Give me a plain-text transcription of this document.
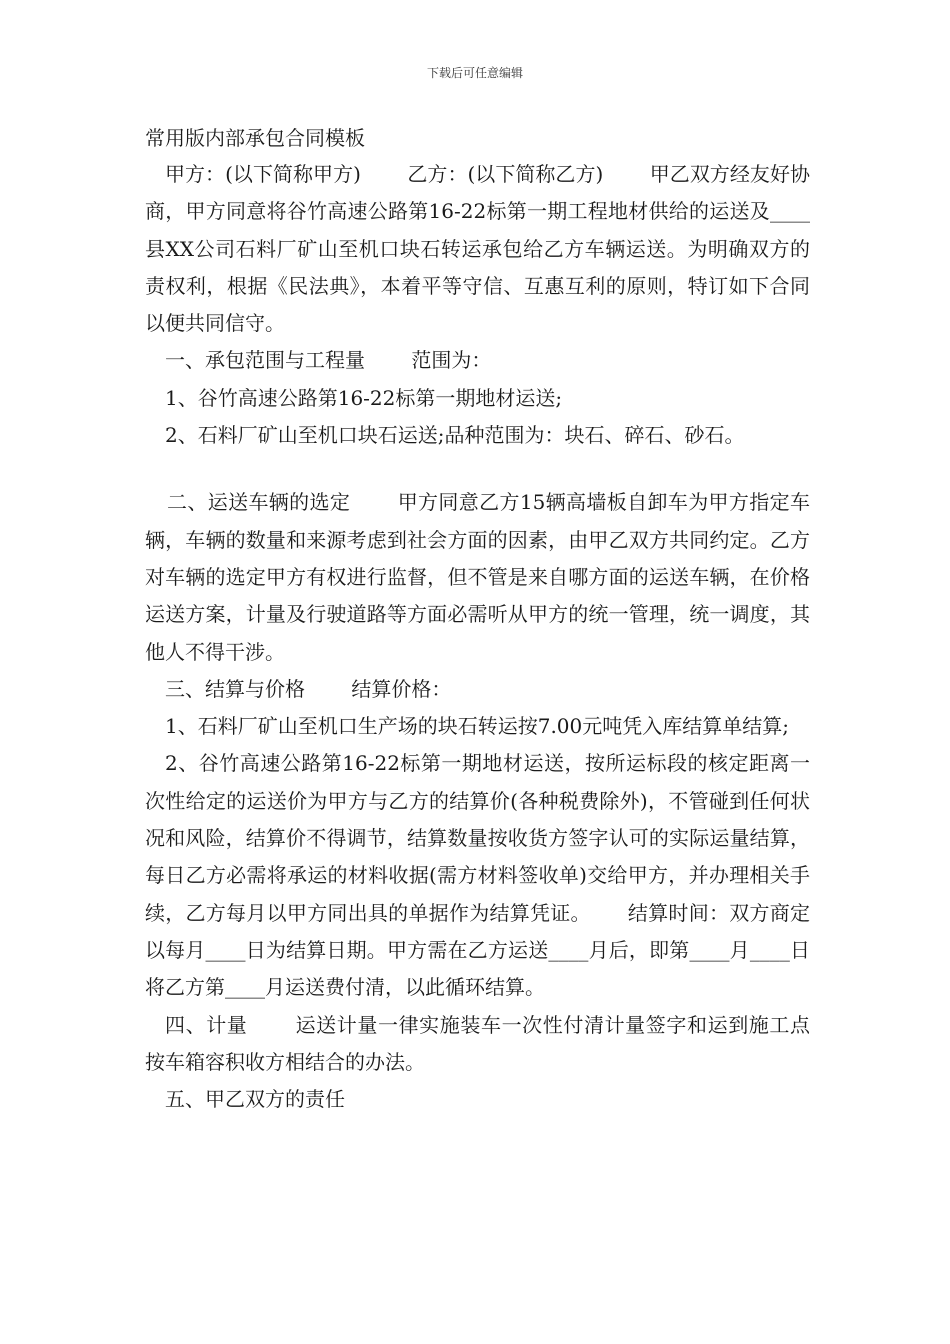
下载后可任意编辑
常用版内部承包合同模板

甲方：(以下简称甲方)　　 乙方：(以下简称乙方)　　 甲乙双方经友好协商，甲方同意将谷竹高速公路第16-22标第一期工程地材供给的运送及____县XX公司石料厂矿山至机口块石转运承包给乙方车辆运送。为明确双方的责权利，根据《民法典》，本着平等守信、互惠互利的原则，特订如下合同以便共同信守。

一、承包范围与工程量　　 范围为：

1、谷竹高速公路第16-22标第一期地材运送;

2、石料厂矿山至机口块石运送;品种范围为：块石、碎石、砂石。

二、运送车辆的选定　　 甲方同意乙方15辆高墙板自卸车为甲方指定车辆，车辆的数量和来源考虑到社会方面的因素，由甲乙双方共同约定。乙方对车辆的选定甲方有权进行监督，但不管是来自哪方面的运送车辆，在价格运送方案，计量及行驶道路等方面必需听从甲方的统一管理，统一调度，其他人不得干涉。

三、结算与价格　　 结算价格：

1、石料厂矿山至机口生产场的块石转运按7.00元吨凭入库结算单结算;

2、谷竹高速公路第16-22标第一期地材运送，按所运标段的核定距离一次性给定的运送价为甲方与乙方的结算价(各种税费除外)，不管碰到任何状况和风险，结算价不得调节，结算数量按收货方签字认可的实际运量结算，每日乙方必需将承运的材料收据(需方材料签收单)交给甲方，并办理相关手续，乙方每月以甲方同出具的单据作为结算凭证。　　 结算时间：双方商定以每月____日为结算日期。甲方需在乙方运送____月后，即第____月____日将乙方第____月运送费付清，以此循环结算。

四、计量　　 运送计量一律实施装车一次性付清计量签字和运到施工点按车箱容积收方相结合的办法。

五、甲乙双方的责任
